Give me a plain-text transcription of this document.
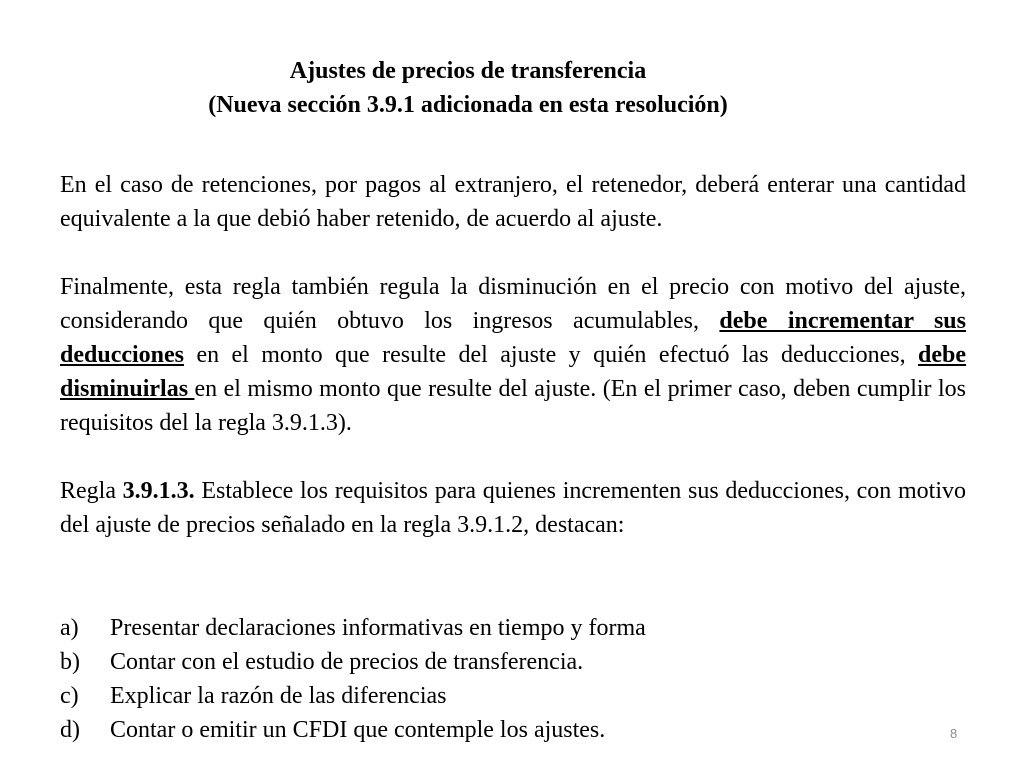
Ajustes de precios de transferencia
(Nueva sección 3.9.1 adicionada en esta resolución)

En el caso de retenciones, por pagos al extranjero, el retenedor, deberá enterar una cantidad equivalente a la que debió haber retenido, de acuerdo al ajuste.

Finalmente, esta regla también regula la disminución en el precio con motivo del ajuste, considerando que quién obtuvo los ingresos acumulables, debe incrementar sus deducciones en el monto que resulte del ajuste y quién efectuó las deducciones, debe disminuirlas en el mismo monto que resulte del ajuste. (En el primer caso, deben cumplir los requisitos del la regla 3.9.1.3).

Regla 3.9.1.3. Establece los requisitos para quienes incrementen sus deducciones, con motivo del ajuste de precios señalado en la regla 3.9.1.2, destacan:

a)	Presentar declaraciones informativas en tiempo y forma
b)	Contar con el estudio de precios de transferencia.
c)	Explicar la razón de las diferencias
d)	Contar o emitir un CFDI que contemple los ajustes.	8
